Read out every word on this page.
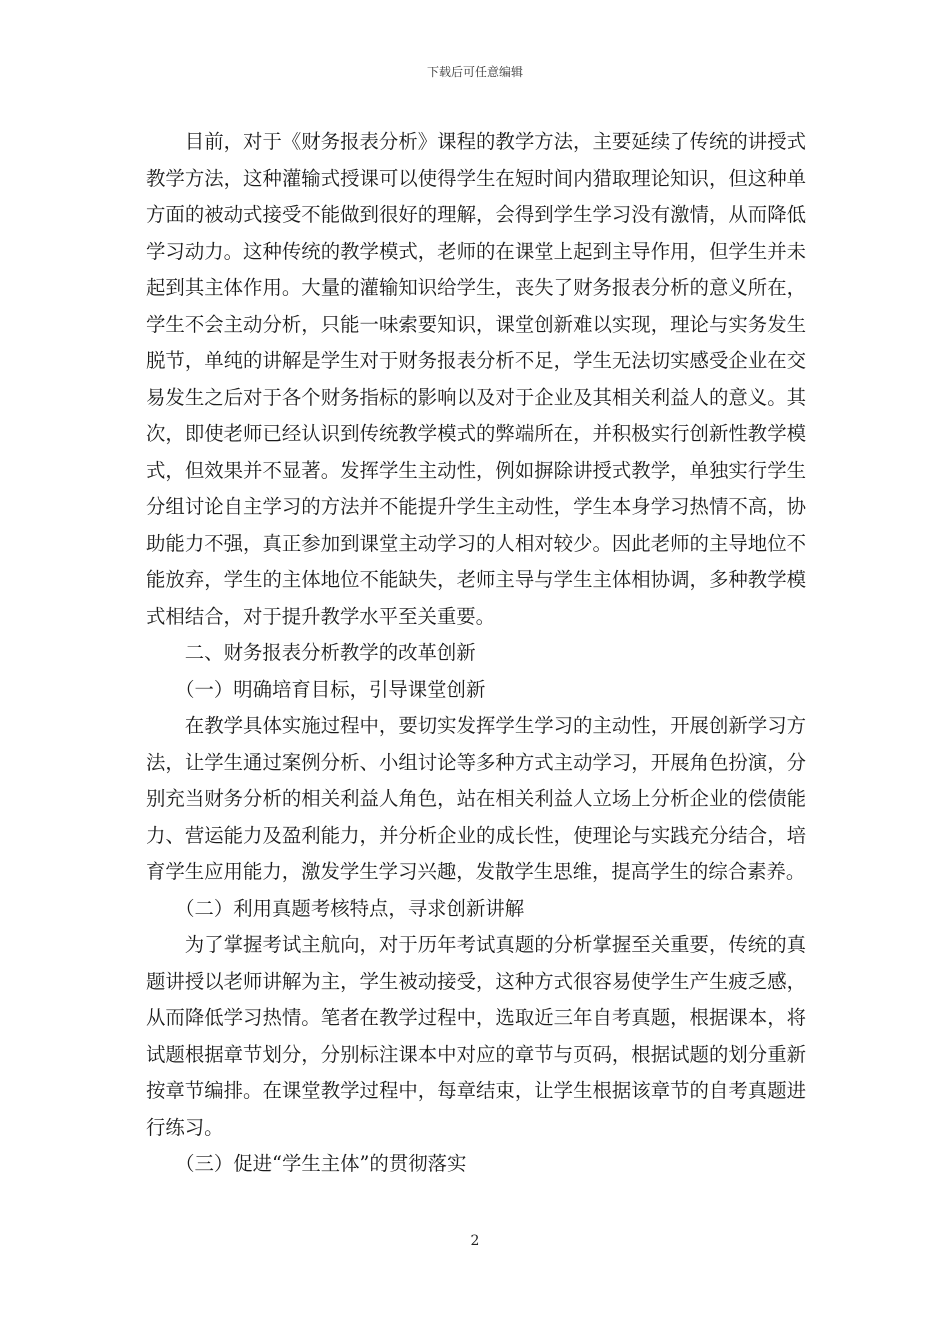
下载后可任意编辑

目前，对于《财务报表分析》课程的教学方法，主要延续了传统的讲授式教学方法，这种灌输式授课可以使得学生在短时间内猎取理论知识，但这种单方面的被动式接受不能做到很好的理解，会得到学生学习没有激情，从而降低学习动力。这种传统的教学模式，老师的在课堂上起到主导作用，但学生并未起到其主体作用。大量的灌输知识给学生，丧失了财务报表分析的意义所在，学生不会主动分析，只能一味索要知识，课堂创新难以实现，理论与实务发生脱节，单纯的讲解是学生对于财务报表分析不足，学生无法切实感受企业在交易发生之后对于各个财务指标的影响以及对于企业及其相关利益人的意义。其次，即使老师已经认识到传统教学模式的弊端所在，并积极实行创新性教学模式，但效果并不显著。发挥学生主动性，例如摒除讲授式教学，单独实行学生分组讨论自主学习的方法并不能提升学生主动性，学生本身学习热情不高，协助能力不强，真正参加到课堂主动学习的人相对较少。因此老师的主导地位不能放弃，学生的主体地位不能缺失，老师主导与学生主体相协调，多种教学模式相结合，对于提升教学水平至关重要。

二、财务报表分析教学的改革创新

（一）明确培育目标，引导课堂创新

在教学具体实施过程中，要切实发挥学生学习的主动性，开展创新学习方法，让学生通过案例分析、小组讨论等多种方式主动学习，开展角色扮演，分别充当财务分析的相关利益人角色，站在相关利益人立场上分析企业的偿债能力、营运能力及盈利能力，并分析企业的成长性，使理论与实践充分结合，培育学生应用能力，激发学生学习兴趣，发散学生思维，提高学生的综合素养。

（二）利用真题考核特点，寻求创新讲解

为了掌握考试主航向，对于历年考试真题的分析掌握至关重要，传统的真题讲授以老师讲解为主，学生被动接受，这种方式很容易使学生产生疲乏感，从而降低学习热情。笔者在教学过程中，选取近三年自考真题，根据课本，将试题根据章节划分，分别标注课本中对应的章节与页码，根据试题的划分重新按章节编排。在课堂教学过程中，每章结束，让学生根据该章节的自考真题进行练习。

（三）促进“学生主体”的贯彻落实

2
